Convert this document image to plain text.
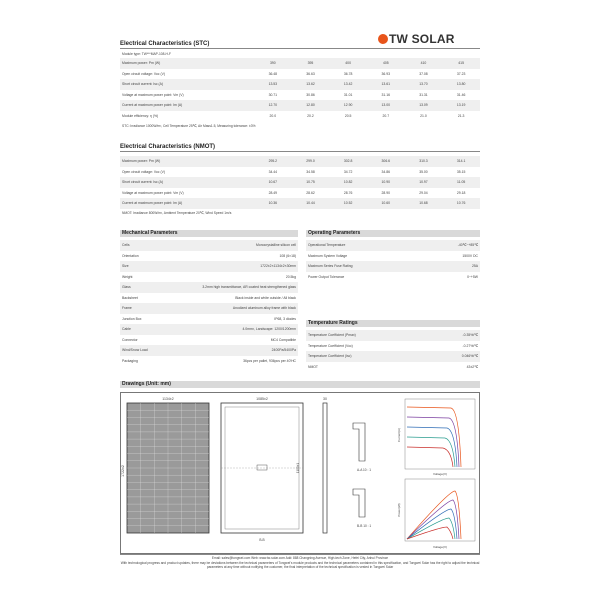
TW SOLAR
Electrical Characteristics (STC)
Module type: TW***MAP-108-H-F
Maximum power: Pm (W)	390	395	400	405	410	415
Open circuit voltage: Voc (V)	36.48	36.63	36.78	36.93	37.08	37.23
Short circuit current: Isc (A)	13.53	13.62	13.42	13.61	13.70	13.80
Voltage at maximum power point: Vm (V)	30.71	30.86	31.01	31.16	31.31	31.46
Current at maximum power point: Im (A)	12.70	12.80	12.90	13.00	13.09	13.19
Module efficiency: η (%)	20.0	20.2	20.5	20.7	21.0	21.3
STC: Irradiance 1000W/m², Cell Temperature 25℃, Air Mass1.5, Measuring tolerance: ±3%
Electrical Characteristics (NMOT)
Maximum power: Pm (W)	295.2	299.0	302.8	306.6	310.3	314.1
Open circuit voltage: Voc (V)	34.44	34.58	34.72	34.86	35.00	35.15
Short circuit current: Isc (A)	10.67	10.75	10.82	10.90	10.97	11.05
Voltage at maximum power point: Vm (V)	28.49	28.62	28.76	28.90	29.04	29.18
Current at maximum power point: Im (A)	10.36	10.44	10.52	10.60	10.68	10.76
NMOT: Irradiance 800W/m², Ambient Temperature 20℃, Wind Speed 1m/s
Mechanical Parameters
Cells	Monocrystalline silicon cell
Orientation	108 (6×18)
Size	1722±2×1134±2×30mm
Weight	20.5kg
Glass	3.2mm high transmittance, AR coated heat strengthened glass
Backsheet	Black inside and white outside / All black
Frame	Anodized aluminum alloy frame with black
Junction Box	IP68, 3 diodes
Cable	4.0mm², Landscape: 1200/1200mm
Connector	MC4 Compatible
Wind/Snow Load	2400Pa/5400Pa
Packaging	36pcs per pallet, 936pcs per 40'HC
Operating Parameters
Operational Temperature	-40℃~+85℃
Maximum System Voltage	1500V DC
Maximum Series Fuse Rating	25A
Power Output Tolerance	0~+5W
Temperature Ratings
Temperature Coefficient (Pmax)	-0.35%/℃
Temperature Coefficient (Voc)	-0.27%/℃
Temperature Coefficient (Isc)	0.046%/℃
NMOT	43±2℃
Drawings (Unit: mm)
1134±2
1722±2
1085±2
1100±1
B-B
30
A-A 10 : 1
B-B 10 : 1
Current(A)
Voltage(V)
Power(W)
Voltage(V)
Email: sales@tongwei.com Web: www.tw-solar.com Add: 888 Changning Avenue, High-tech Zone, Hefei City, Anhui Province
With technological progress and product updates, there may be deviations between the technical parameters of Tongwei's module products and the technical parameters contained in this specification, and Tongwei Solar has the right to adjust the technical parameters at any time without notifying the customer, the final interpretation of the technical specification is vested in Tongwei Solar
